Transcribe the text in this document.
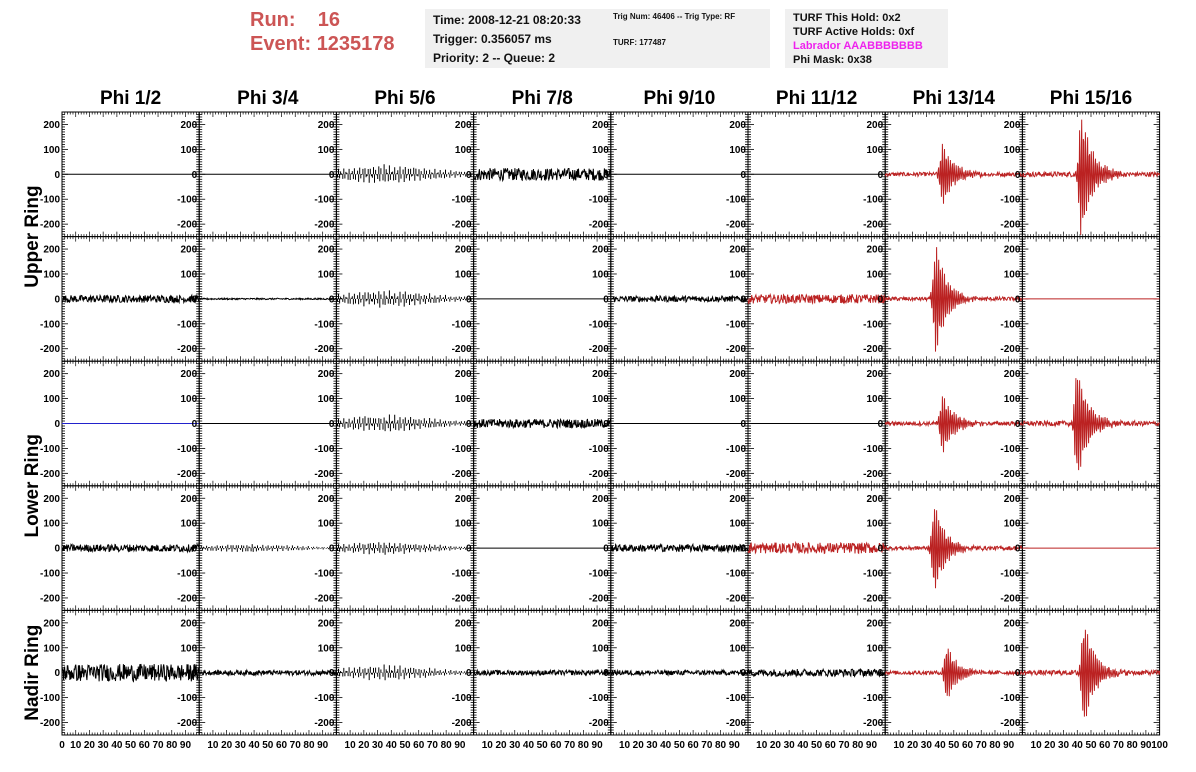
Run: 16
Event: 1235178
Time: 2008-12-21 08:20:33
Trigger: 0.356057 ms
Priority: 2 -- Queue: 2
Trig Num: 46406 -- Trig Type: RF
TURF: 177487
TURF This Hold: 0x2
TURF Active Holds: 0xf
Labrador AAABBBBBBB
Phi Mask: 0x38
Phi 1/2	Phi 3/4	Phi 5/6	Phi 7/8	Phi 9/10	Phi 11/12	Phi 13/14	Phi 15/16
Upper Ring
Lower Ring
Nadir Ring
200
100
0
-100
-200
200
100
0
-100
-200
200
100
0
-100
-200
200
100
0
-100
-200
200
100
0
-100
-200
200
100
0
-100
-200
200
100
0
-100
-200
200
100
0
-100
-200
200
100
0
-100
-200
200
100
0
-100
-200
200
100
0
-100
-200
200
100
0
-100
-200
200
100
0
-100
-200
200
100
0
-100
-200
200
100
0
-100
-200
200
100
0
-100
-200
200
100
0
-100
-200
200
100
0
-100
-200
200
100
0
-100
-200
200
100
0
-100
-200
200
100
0
-100
-200
200
100
0
-100
-200
200
100
0
-100
-200
200
100
0
-100
-200
200
100
0
-100
-200
200
100
0
-100
-200
200
100
0
-100
-200
200
100
0
-100
-200
200
100
0
-100
-200
200
100
0
-100
-200
200
100
0
-100
-200
200
100
0
-100
-200
200
100
0
-100
-200
200
100
0
-100
-200
200
100
0
-100
-200
200
100
0
-100
-200
200
100
0
-100
-200
200
100
0
-100
-200
200
100
0
-100
-200
200
100
0
-100
-200
0 10 20 30 40 50 60 70 80 90 10 20 30 40 50 60 70 80 90 10 20 30 40 50 60 70 80 90 10 20 30 40 50 60 70 80 90 10 20 30 40 50 60 70 80 90 10 20 30 40 50 60 70 80 90 10 20 30 40 50 60 70 80 90 10 20 30 40 50 60 70 80 90 100
